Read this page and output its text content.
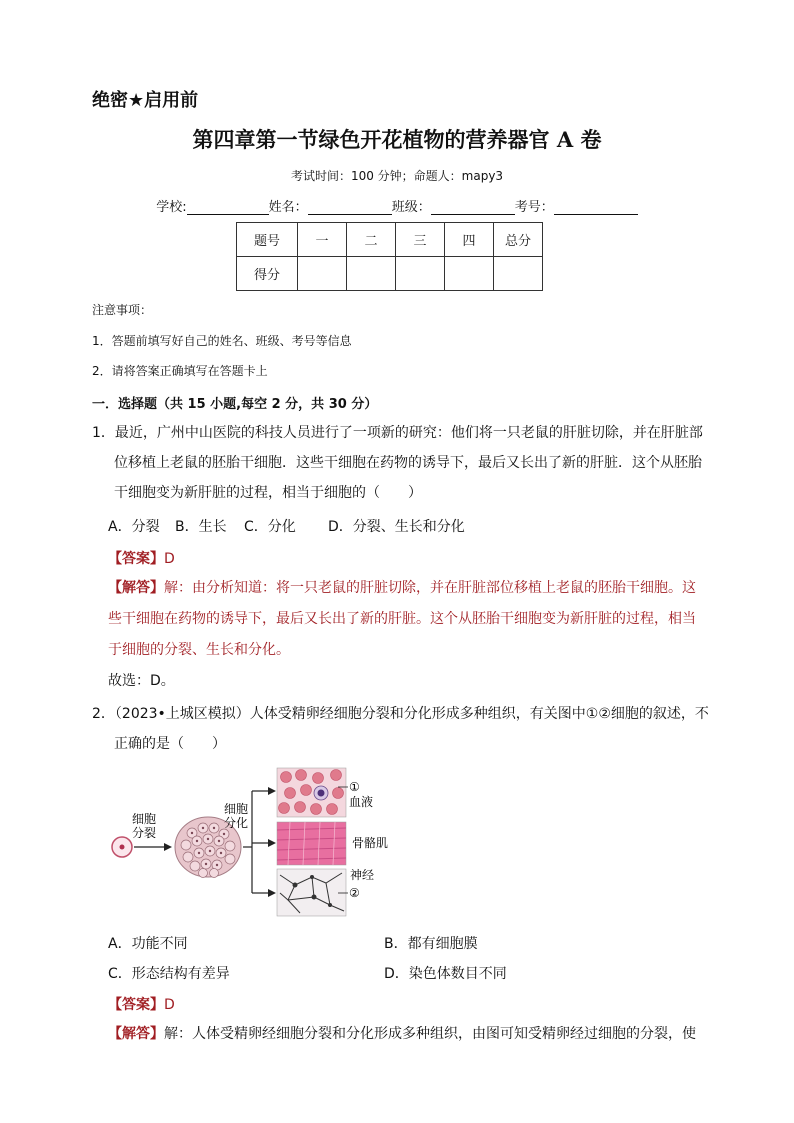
绝密★启用前
第四章第一节绿色开花植物的营养器官 A 卷
考试时间：100 分钟；命题人：mapy3
学校:	姓名：	班级：	考号：
题号	一	二	三	四	总分
得分					
注意事项：
1．答题前填写好自己的姓名、班级、考号等信息
2．请将答案正确填写在答题卡上
一．选择题（共 15 小题,每空 2 分，共 30 分）
1．最近，广州中山医院的科技人员进行了一项新的研究：他们将一只老鼠的肝脏切除，并在肝脏部
位移植上老鼠的胚胎干细胞．这些干细胞在药物的诱导下，最后又长出了新的肝脏．这个从胚胎
干细胞变为新肝脏的过程，相当于细胞的（　　）
A．分裂 B．生长 C．分化 D．分裂、生长和分化
【答案】D
【解答】解：由分析知道：将一只老鼠的肝脏切除，并在肝脏部位移植上老鼠的胚胎干细胞。这
些干细胞在药物的诱导下，最后又长出了新的肝脏。这个从胚胎干细胞变为新肝脏的过程，相当
于细胞的分裂、生长和分化。
故选：D。
2．（2023•上城区模拟）人体受精卵经细胞分裂和分化形成多种组织，有关图中①②细胞的叙述，不
正确的是（　　）
细胞
分裂
细胞
分化
①
血液
骨骼肌
神经
②
A．功能不同	B．都有细胞膜
C．形态结构有差异	D．染色体数目不同
【答案】D
【解答】解：人体受精卵经细胞分裂和分化形成多种组织，由图可知受精卵经过细胞的分裂，使
